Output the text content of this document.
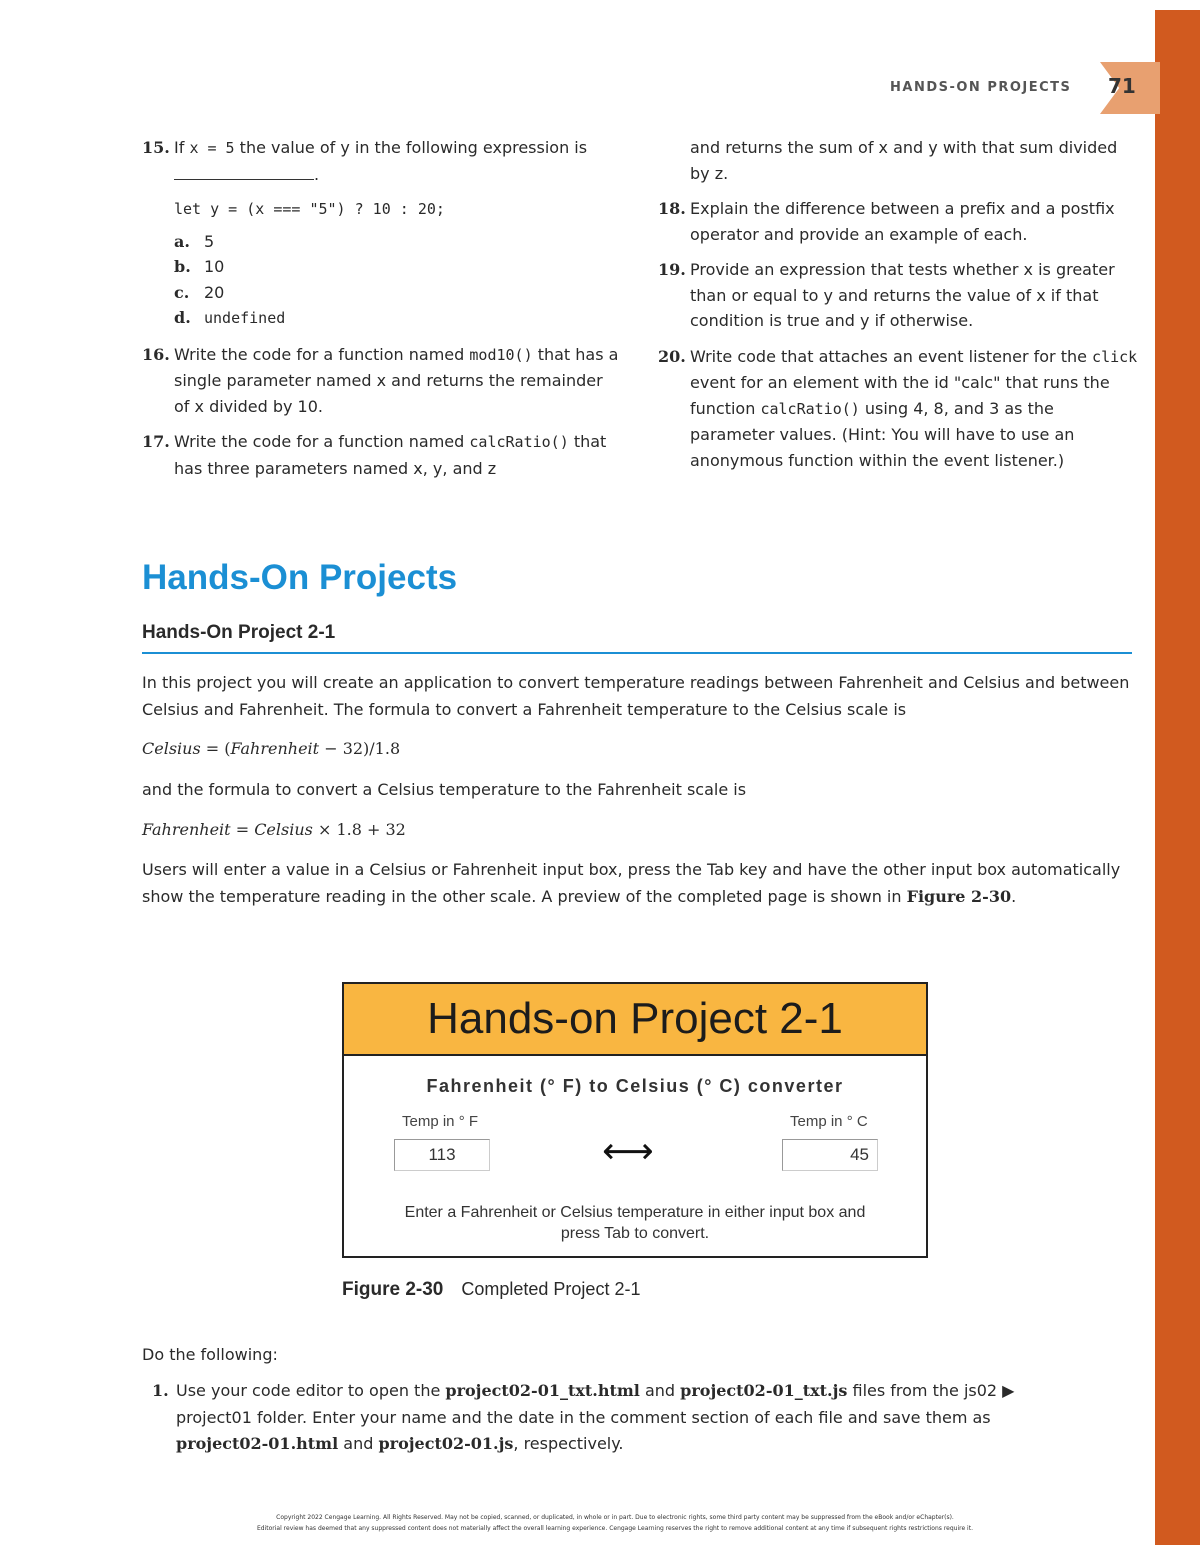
HANDS-ON PROJECTS 71
15. If x = 5 the value of y in the following expression is .
let y = (x === "5") ? 10 : 20;
a. 5
b. 10
c. 20
d. undefined
16. Write the code for a function named mod10() that has a single parameter named x and returns the remainder of x divided by 10.
17. Write the code for a function named calcRatio() that has three parameters named x, y, and z
and returns the sum of x and y with that sum divided by z.
18. Explain the difference between a prefix and a postfix operator and provide an example of each.
19. Provide an expression that tests whether x is greater than or equal to y and returns the value of x if that condition is true and y if otherwise.
20. Write code that attaches an event listener for the click event for an element with the id "calc" that runs the function calcRatio() using 4, 8, and 3 as the parameter values. (Hint: You will have to use an anonymous function within the event listener.)
Hands-On Projects
Hands-On Project 2-1

In this project you will create an application to convert temperature readings between Fahrenheit and Celsius and between Celsius and Fahrenheit. The formula to convert a Fahrenheit temperature to the Celsius scale is

Celsius = (Fahrenheit − 32)/1.8

and the formula to convert a Celsius temperature to the Fahrenheit scale is

Fahrenheit = Celsius × 1.8 + 32

Users will enter a value in a Celsius or Fahrenheit input box, press the Tab key and have the other input box automatically show the temperature reading in the other scale. A preview of the completed page is shown in Figure 2-30.

Hands-on Project 2-1
Fahrenheit (° F) to Celsius (° C) converter
Temp in ° F	Temp in ° C
113	⟷	45
Enter a Fahrenheit or Celsius temperature in either input box and
press Tab to convert.
Figure 2-30 Completed Project 2-1

Do the following:

1. Use your code editor to open the project02-01_txt.html and project02-01_txt.js files from the js02 ▶ project01 folder. Enter your name and the date in the comment section of each file and save them as project02-01.html and project02-01.js, respectively.
Copyright 2022 Cengage Learning. All Rights Reserved. May not be copied, scanned, or duplicated, in whole or in part. Due to electronic rights, some third party content may be suppressed from the eBook and/or eChapter(s).
Editorial review has deemed that any suppressed content does not materially affect the overall learning experience. Cengage Learning reserves the right to remove additional content at any time if subsequent rights restrictions require it.
